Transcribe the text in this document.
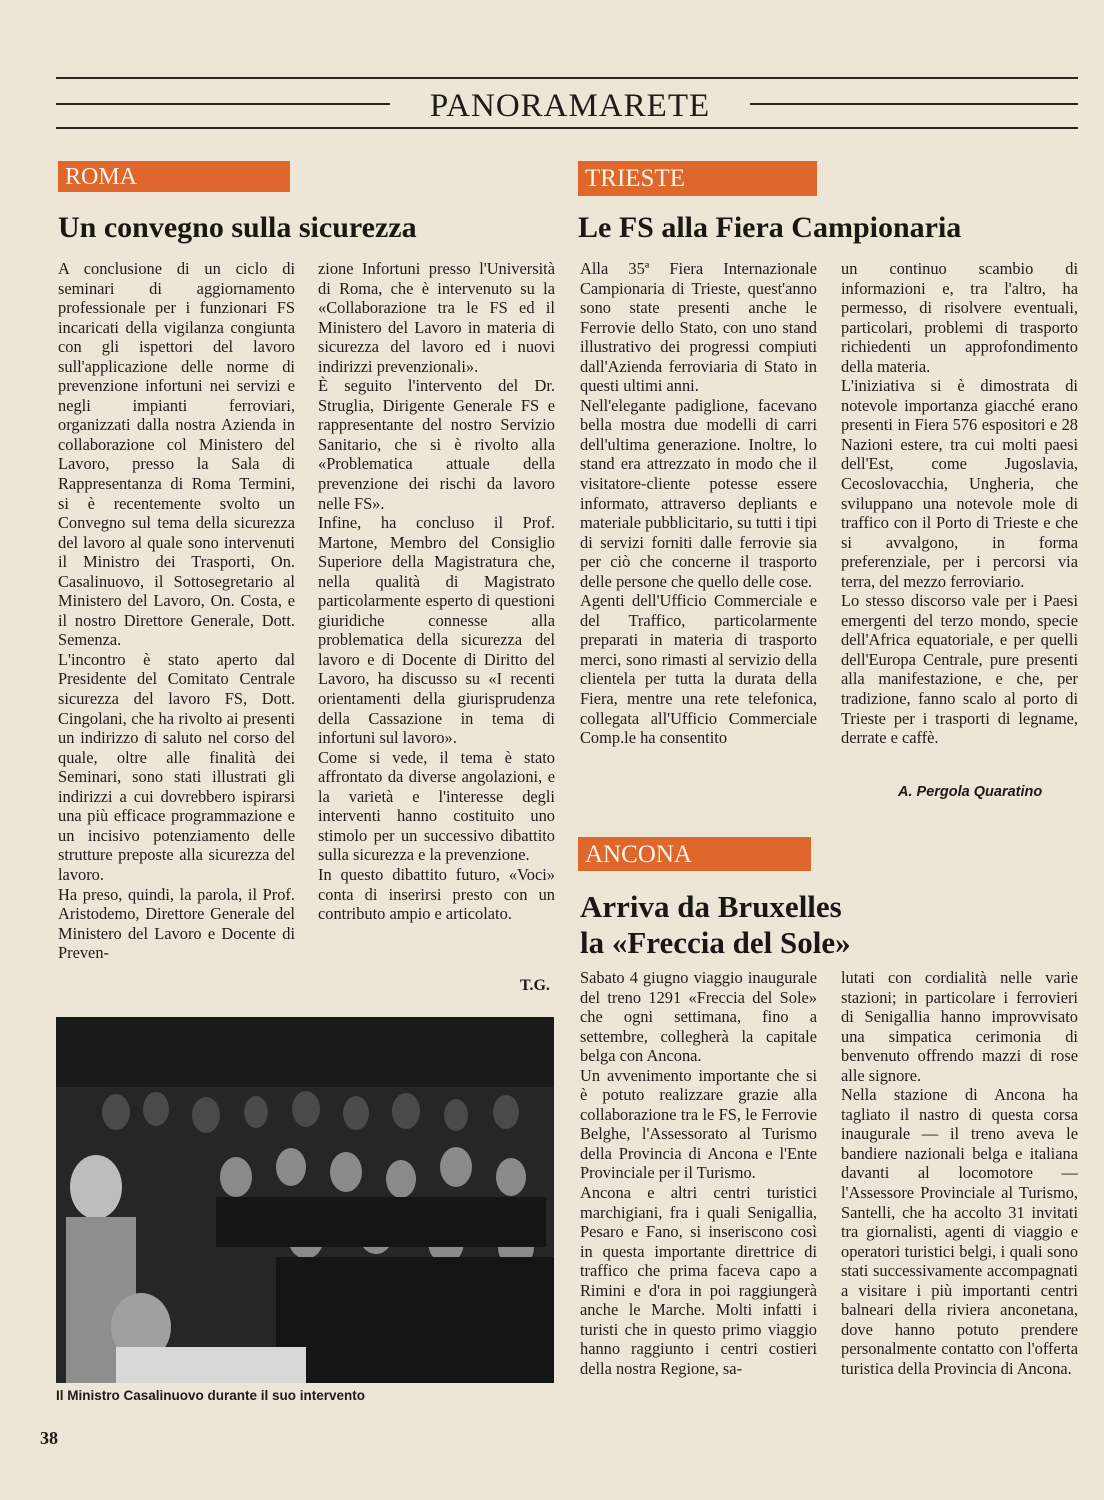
PANORAMARETE
ROMA
Un convegno sulla sicurezza
A conclusione di un ciclo di seminari di aggiornamento professionale per i funzionari FS incaricati della vigilanza congiunta con gli ispettori del lavoro sull'applicazione delle norme di prevenzione infortuni nei servizi e negli impianti ferroviari, organizzati dalla nostra Azienda in collaborazione col Ministero del Lavoro, presso la Sala di Rappresentanza di Roma Termini, si è recentemente svolto un Convegno sul tema della sicurezza del lavoro al quale sono intervenuti il Ministro dei Trasporti, On. Casalinuovo, il Sottosegretario al Ministero del Lavoro, On. Costa, e il nostro Direttore Generale, Dott. Semenza.
L'incontro è stato aperto dal Presidente del Comitato Centrale sicurezza del lavoro FS, Dott. Cingolani, che ha rivolto ai presenti un indirizzo di saluto nel corso del quale, oltre alle finalità dei Seminari, sono stati illustrati gli indirizzi a cui dovrebbero ispirarsi una più efficace programmazione e un incisivo potenziamento delle strutture preposte alla sicurezza del lavoro.
Ha preso, quindi, la parola, il Prof. Aristodemo, Direttore Generale del Ministero del Lavoro e Docente di Preven-
zione Infortuni presso l'Università di Roma, che è intervenuto su la «Collaborazione tra le FS ed il Ministero del Lavoro in materia di sicurezza del lavoro ed i nuovi indirizzi prevenzionali».
È seguito l'intervento del Dr. Struglia, Dirigente Generale FS e rappresentante del nostro Servizio Sanitario, che si è rivolto alla «Problematica attuale della prevenzione dei rischi da lavoro nelle FS».
Infine, ha concluso il Prof. Martone, Membro del Consiglio Superiore della Magistratura che, nella qualità di Magistrato particolarmente esperto di questioni giuridiche connesse alla problematica della sicurezza del lavoro e di Docente di Diritto del Lavoro, ha discusso su «I recenti orientamenti della giurisprudenza della Cassazione in tema di infortuni sul lavoro».
Come si vede, il tema è stato affrontato da diverse angolazioni, e la varietà e l'interesse degli interventi hanno costituito uno stimolo per un successivo dibattito sulla sicurezza e la prevenzione.
In questo dibattito futuro, «Voci» conta di inserirsi presto con un contributo ampio e articolato.
T.G.
Il Ministro Casalinuovo durante il suo intervento
TRIESTE
Le FS alla Fiera Campionaria
Alla 35ª Fiera Internazionale Campionaria di Trieste, quest'anno sono state presenti anche le Ferrovie dello Stato, con uno stand illustrativo dei progressi compiuti dall'Azienda ferroviaria di Stato in questi ultimi anni.
Nell'elegante padiglione, facevano bella mostra due modelli di carri dell'ultima generazione. Inoltre, lo stand era attrezzato in modo che il visitatore-cliente potesse essere informato, attraverso depliants e materiale pubblicitario, su tutti i tipi di servizi forniti dalle ferrovie sia per ciò che concerne il trasporto delle persone che quello delle cose.
Agenti dell'Ufficio Commerciale e del Traffico, particolarmente preparati in materia di trasporto merci, sono rimasti al servizio della clientela per tutta la durata della Fiera, mentre una rete telefonica, collegata all'Ufficio Commerciale Comp.le ha consentito
un continuo scambio di informazioni e, tra l'altro, ha permesso, di risolvere eventuali, particolari, problemi di trasporto richiedenti un approfondimento della materia.
L'iniziativa si è dimostrata di notevole importanza giacché erano presenti in Fiera 576 espositori e 28 Nazioni estere, tra cui molti paesi dell'Est, come Jugoslavia, Cecoslovacchia, Ungheria, che sviluppano una notevole mole di traffico con il Porto di Trieste e che si avvalgono, in forma preferenziale, per i percorsi via terra, del mezzo ferroviario.
Lo stesso discorso vale per i Paesi emergenti del terzo mondo, specie dell'Africa equatoriale, e per quelli dell'Europa Centrale, pure presenti alla manifestazione, e che, per tradizione, fanno scalo al porto di Trieste per i trasporti di legname, derrate e caffè.
A. Pergola Quaratino
ANCONA
Arriva da Bruxelles
la «Freccia del Sole»
Sabato 4 giugno viaggio inaugurale del treno 1291 «Freccia del Sole» che ogni settimana, fino a settembre, collegherà la capitale belga con Ancona.
Un avvenimento importante che si è potuto realizzare grazie alla collaborazione tra le FS, le Ferrovie Belghe, l'Assessorato al Turismo della Provincia di Ancona e l'Ente Provinciale per il Turismo.
Ancona e altri centri turistici marchigiani, fra i quali Senigallia, Pesaro e Fano, si inseriscono così in questa importante direttrice di traffico che prima faceva capo a Rimini e d'ora in poi raggiungerà anche le Marche. Molti infatti i turisti che in questo primo viaggio hanno raggiunto i centri costieri della nostra Regione, sa-
lutati con cordialità nelle varie stazioni; in particolare i ferrovieri di Senigallia hanno improvvisato una simpatica cerimonia di benvenuto offrendo mazzi di rose alle signore.
Nella stazione di Ancona ha tagliato il nastro di questa corsa inaugurale — il treno aveva le bandiere nazionali belga e italiana davanti al locomotore — l'Assessore Provinciale al Turismo, Santelli, che ha accolto 31 invitati tra giornalisti, agenti di viaggio e operatori turistici belgi, i quali sono stati successivamente accompagnati a visitare i più importanti centri balneari della riviera anconetana, dove hanno potuto prendere personalmente contatto con l'offerta turistica della Provincia di Ancona.
38
